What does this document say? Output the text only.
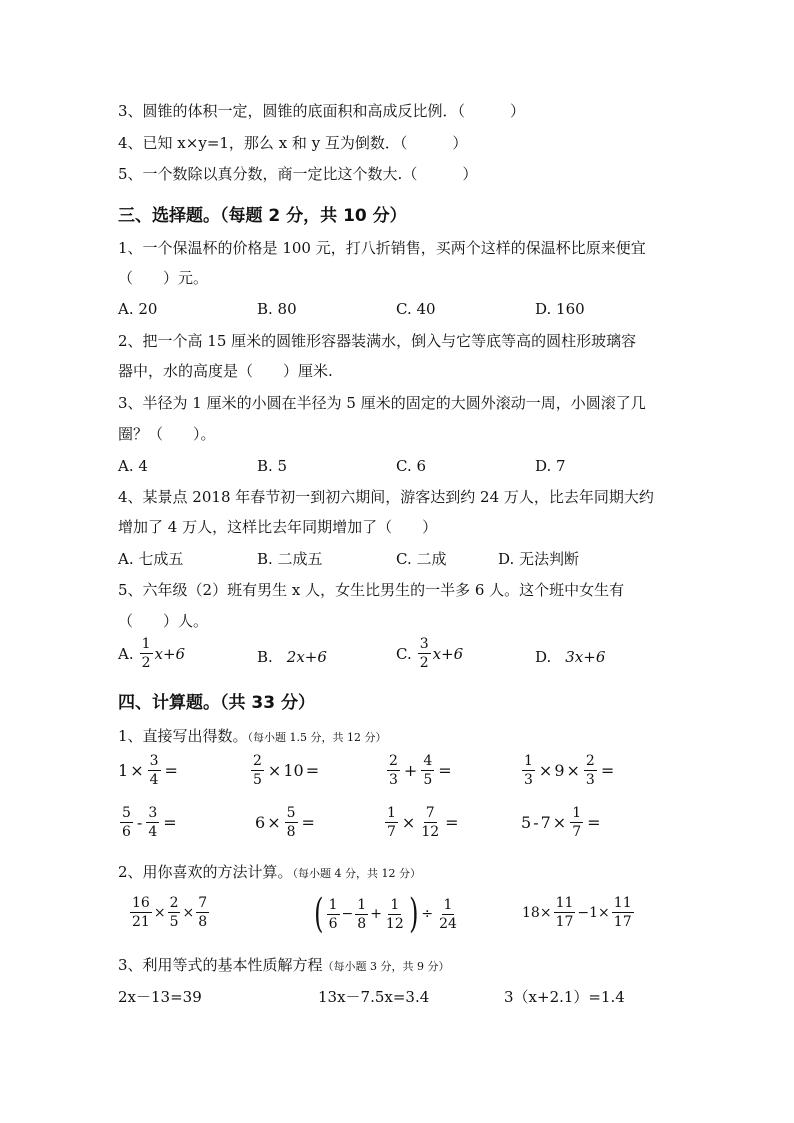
3、圆锥的体积一定，圆锥的底面积和高成反比例．（　　　）
4、已知 x×y=1，那么 x 和 y 互为倒数．（　　　）
5、一个数除以真分数，商一定比这个数大.（　　　）
三、选择题。（每题 2 分，共 10 分）
1、一个保温杯的价格是 100 元，打八折销售，买两个这样的保温杯比原来便宜
（　　）元。
A. 20	B. 80	C. 40	D. 160
2、把一个高 15 厘米的圆锥形容器装满水，倒入与它等底等高的圆柱形玻璃容
器中，水的高度是（　　）厘米.
3、半径为 1 厘米的小圆在半径为 5 厘米的固定的大圆外滚动一周，小圆滚了几
圈？（　　）。
A. 4	B. 5	C. 6	D. 7
4、某景点 2018 年春节初一到初六期间，游客达到约 24 万人，比去年同期大约
增加了 4 万人，这样比去年同期增加了（　　）
A. 七成五	B. 二成五	C. 二成	D. 无法判断
5、六年级（2）班有男生 x 人，女生比男生的一半多 6 人。这个班中女生有
（　　）人。
A. $\frac{1}{2} x+6$	B. 2x+6	C. $\frac{3}{2} x+6$	D. 3x+6
四、计算题。（共 33 分）
1、直接写出得数。（每小题 1.5 分，共 12 分）
$1 \times \frac{3}{4}$ =	$\frac{2}{5} \times 10$ =	$\frac{2}{3} + \frac{4}{5}$ =	$\frac{1}{3} \times 9 \times \frac{2}{3}$ =
$\frac{5}{6} - \frac{3}{4}$ =	$6 \times \frac{5}{8}$ =	$\frac{1}{7} \times \frac{7}{12}$ =	$5 - 7 \times \frac{1}{7}$ =
2、用你喜欢的方法计算。（每小题 4 分，共 12 分）
$\frac{16}{21} \times \frac{2}{5} \times \frac{7}{8}$	( $\frac{1}{6} - \frac{1}{8} + \frac{1}{12}$ ) ÷ $\frac{1}{24}$	$18 \times \frac{11}{17} - 1 \times \frac{11}{17}$
3、利用等式的基本性质解方程（每小题 3 分，共 9 分）
2x－13=39	13x－7.5x=3.4	3（x+2.1）=1.4
